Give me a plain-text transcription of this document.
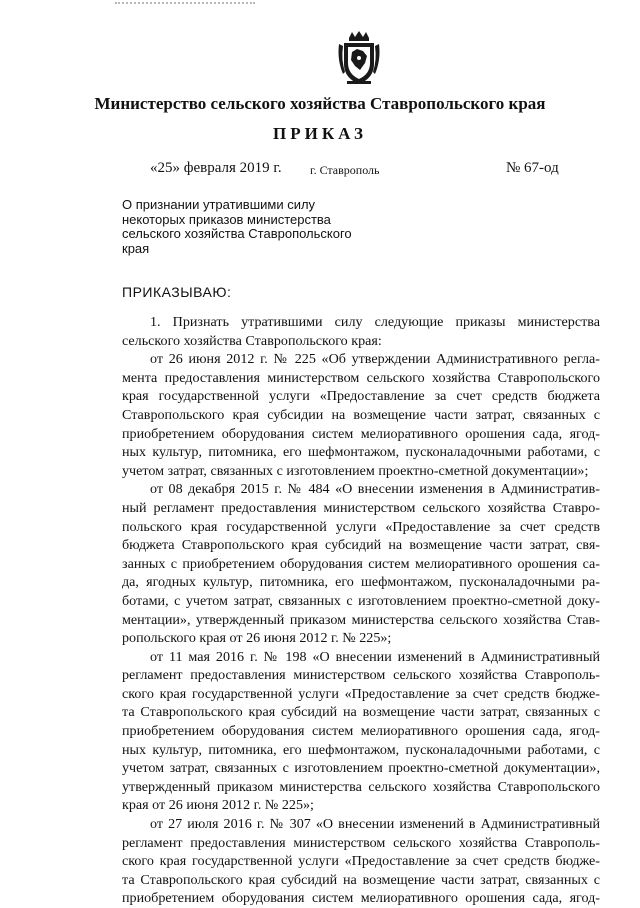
Министерство сельского хозяйства Ставропольского края
ПРИКАЗ
«25» февраля 2019 г. г. Ставрополь	№ 67-од
О признании утратившими силу
некоторых приказов министерства
сельского хозяйства Ставропольского
края
ПРИКАЗЫВАЮ:
1. Признать утратившими силу следующие приказы министерства
сельского хозяйства Ставропольского края:
от 26 июня 2012 г. № 225 «Об утверждении Административного регла-
мента предоставления министерством сельского хозяйства Ставропольского
края государственной услуги «Предоставление за счет средств бюджета
Ставропольского края субсидии на возмещение части затрат, связанных с
приобретением оборудования систем мелиоративного орошения сада, ягод-
ных культур, питомника, его шефмонтажом, пусконаладочными работами, с
учетом затрат, связанных с изготовлением проектно-сметной документации»;
от 08 декабря 2015 г. № 484 «О внесении изменения в Административ-
ный регламент предоставления министерством сельского хозяйства Ставро-
польского края государственной услуги «Предоставление за счет средств
бюджета Ставропольского края субсидий на возмещение части затрат, свя-
занных с приобретением оборудования систем мелиоративного орошения са-
да, ягодных культур, питомника, его шефмонтажом, пусконаладочными ра-
ботами, с учетом затрат, связанных с изготовлением проектно-сметной доку-
ментации», утвержденный приказом министерства сельского хозяйства Став-
ропольского края от 26 июня 2012 г. № 225»;
от 11 мая 2016 г. № 198 «О внесении изменений в Административный
регламент предоставления министерством сельского хозяйства Ставрополь-
ского края государственной услуги «Предоставление за счет средств бюдже-
та Ставропольского края субсидий на возмещение части затрат, связанных с
приобретением оборудования систем мелиоративного орошения сада, ягод-
ных культур, питомника, его шефмонтажом, пусконаладочными работами, с
учетом затрат, связанных с изготовлением проектно-сметной документации»,
утвержденный приказом министерства сельского хозяйства Ставропольского
края от 26 июня 2012 г. № 225»;
от 27 июля 2016 г. № 307 «О внесении изменений в Административный
регламент предоставления министерством сельского хозяйства Ставрополь-
ского края государственной услуги «Предоставление за счет средств бюдже-
та Ставропольского края субсидий на возмещение части затрат, связанных с
приобретением оборудования систем мелиоративного орошения сада, ягод-
